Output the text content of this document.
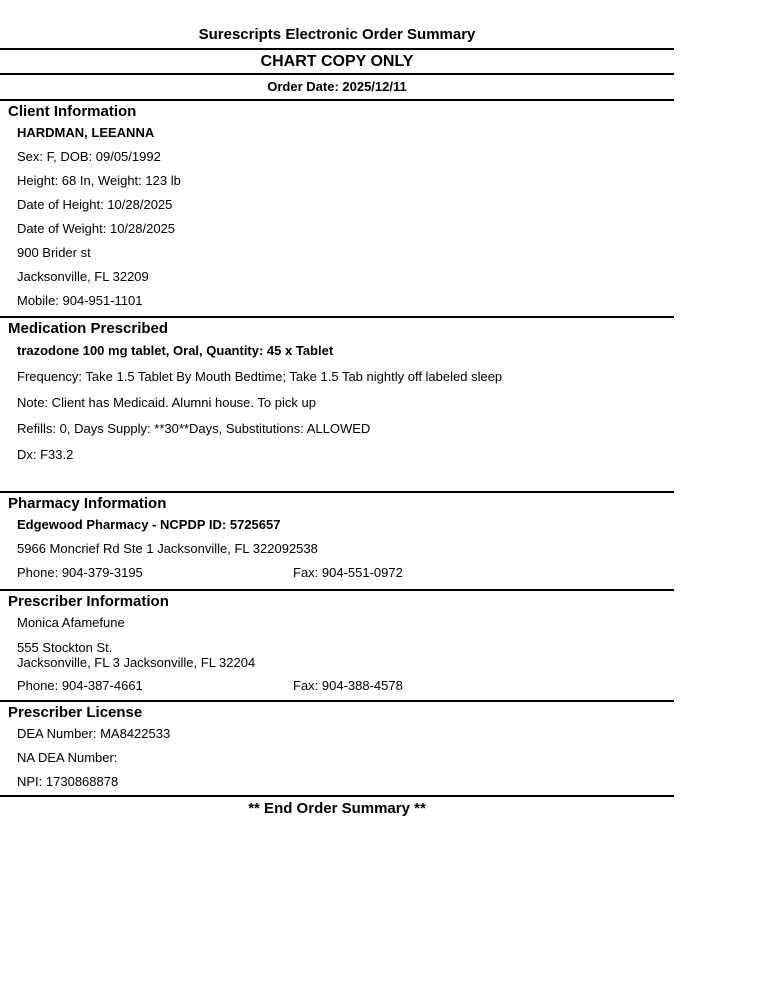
Surescripts Electronic Order Summary
CHART COPY ONLY
Order Date: 2025/12/11
Client Information
HARDMAN, LEEANNA
Sex: F, DOB: 09/05/1992
Height: 68 In, Weight: 123 lb
Date of Height: 10/28/2025
Date of Weight: 10/28/2025
900 Brider st
Jacksonville, FL 32209
Mobile: 904-951-1101
Medication Prescribed
trazodone 100 mg tablet, Oral, Quantity: 45 x Tablet
Frequency: Take 1.5 Tablet By Mouth Bedtime; Take 1.5 Tab nightly off labeled sleep
Note: Client has Medicaid. Alumni house. To pick up
Refills: 0, Days Supply: **30**Days, Substitutions: ALLOWED
Dx: F33.2
Pharmacy Information
Edgewood Pharmacy - NCPDP ID: 5725657
5966 Moncrief Rd Ste 1 Jacksonville, FL 322092538
Phone: 904-379-3195	Fax: 904-551-0972
Prescriber Information
Monica Afamefune
555 Stockton St.
Jacksonville, FL 3 Jacksonville, FL 32204
Phone: 904-387-4661	Fax: 904-388-4578
Prescriber License
DEA Number: MA8422533
NA DEA Number:
NPI: 1730868878
** End Order Summary **
